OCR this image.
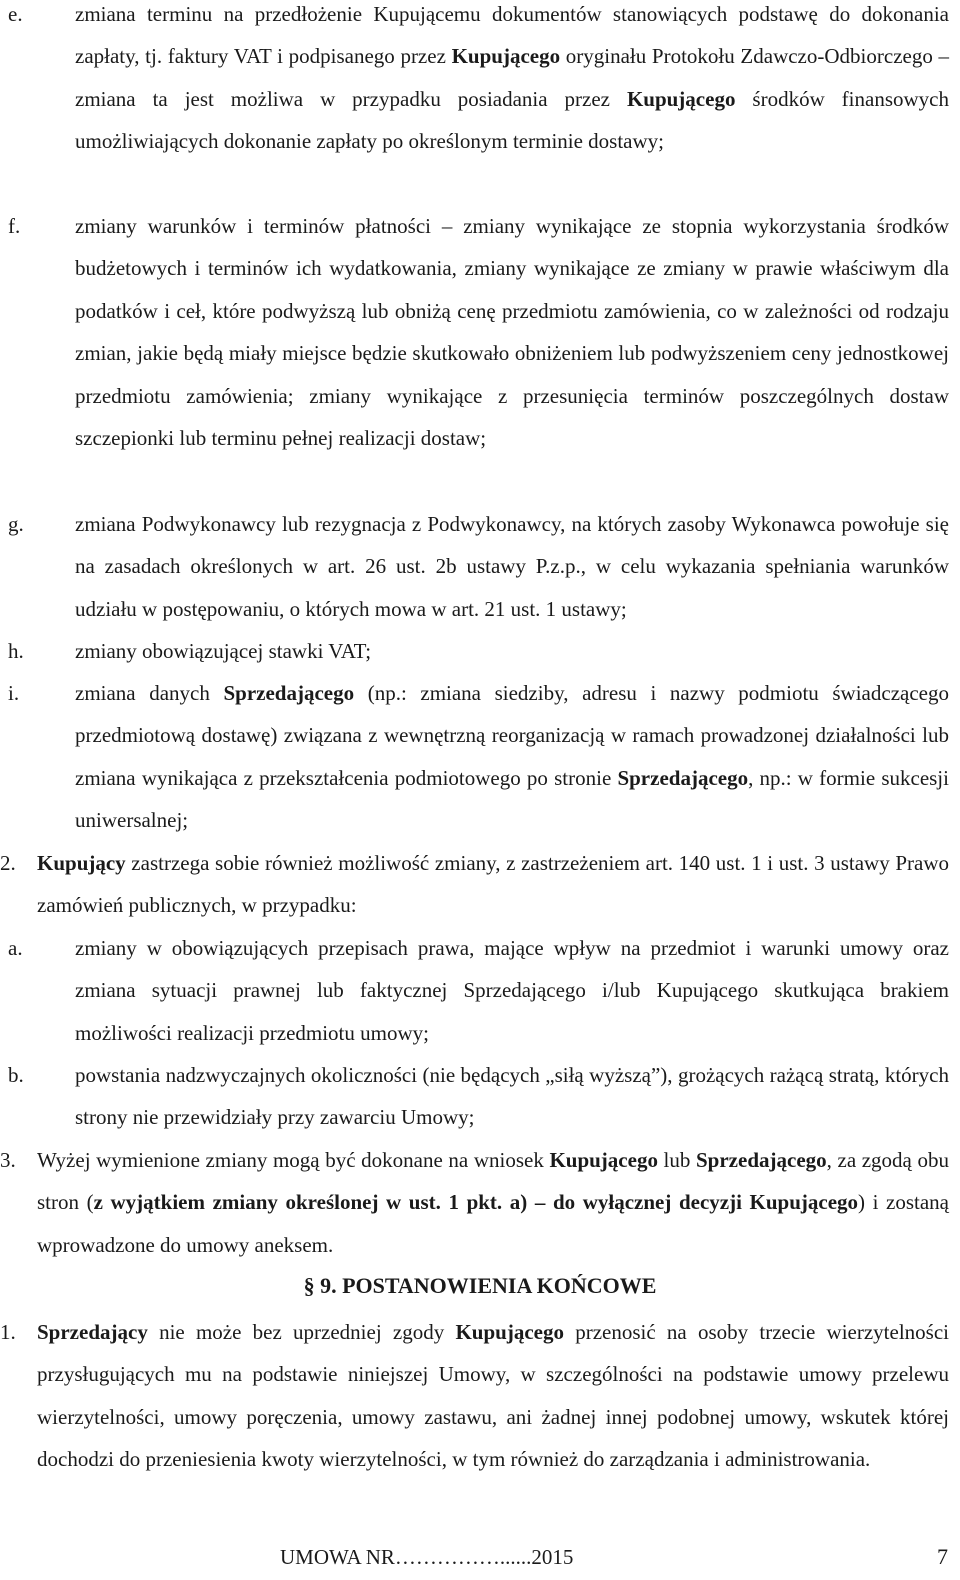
e. zmiana terminu na przedłożenie Kupującemu dokumentów stanowiących podstawę do dokonania zapłaty, tj. faktury VAT i podpisanego przez Kupującego oryginału Protokołu Zdawczo-Odbiorczego – zmiana ta jest możliwa w przypadku posiadania przez Kupującego środków finansowych umożliwiających dokonanie zapłaty po określonym terminie dostawy;
f.	zmiany warunków i terminów płatności – zmiany wynikające ze stopnia wykorzystania środków budżetowych i terminów ich wydatkowania, zmiany wynikające ze zmiany w prawie właściwym dla podatków i ceł, które podwyższą lub obniżą cenę przedmiotu zamówienia, co w zależności od rodzaju zmian, jakie będą miały miejsce będzie skutkowało obniżeniem lub podwyższeniem ceny jednostkowej przedmiotu zamówienia; zmiany wynikające z przesunięcia terminów poszczególnych dostaw szczepionki lub terminu pełnej realizacji dostaw;
g. zmiana Podwykonawcy lub rezygnacja z Podwykonawcy, na których zasoby Wykonawca powołuje się na zasadach określonych w art. 26 ust. 2b ustawy P.z.p., w celu wykazania spełniania warunków udziału w postępowaniu, o których mowa w art. 21 ust. 1 ustawy;
h. zmiany obowiązującej stawki VAT;
i.	zmiana danych Sprzedającego (np.: zmiana siedziby, adresu i nazwy podmiotu świadczącego przedmiotową dostawę) związana z wewnętrzną reorganizacją w ramach prowadzonej działalności lub zmiana wynikająca z przekształcenia podmiotowego po stronie Sprzedającego, np.: w formie sukcesji uniwersalnej;
2. Kupujący zastrzega sobie również możliwość zmiany, z zastrzeżeniem art. 140 ust. 1 i ust. 3 ustawy Prawo zamówień publicznych, w przypadku:
a. zmiany w obowiązujących przepisach prawa, mające wpływ na przedmiot i warunki umowy oraz zmiana sytuacji prawnej lub faktycznej Sprzedającego i/lub Kupującego skutkująca brakiem możliwości realizacji przedmiotu umowy;
b. powstania nadzwyczajnych okoliczności (nie będących „siłą wyższą”), grożących rażącą stratą, których strony nie przewidziały przy zawarciu Umowy;
3. Wyżej wymienione zmiany mogą być dokonane na wniosek Kupującego lub Sprzedającego, za zgodą obu stron (z wyjątkiem zmiany określonej w ust. 1 pkt. a) – do wyłącznej decyzji Kupującego) i zostaną wprowadzone do umowy aneksem.
§ 9. POSTANOWIENIA KOŃCOWE
1. Sprzedający nie może bez uprzedniej zgody Kupującego przenosić na osoby trzecie wierzytelności przysługujących mu na podstawie niniejszej Umowy, w szczególności na podstawie umowy przelewu wierzytelności, umowy poręczenia, umowy zastawu, ani żadnej innej podobnej umowy, wskutek której dochodzi do przeniesienia kwoty wierzytelności, w tym również do zarządzania i administrowania.
UMOWA NR……………......2015	7
